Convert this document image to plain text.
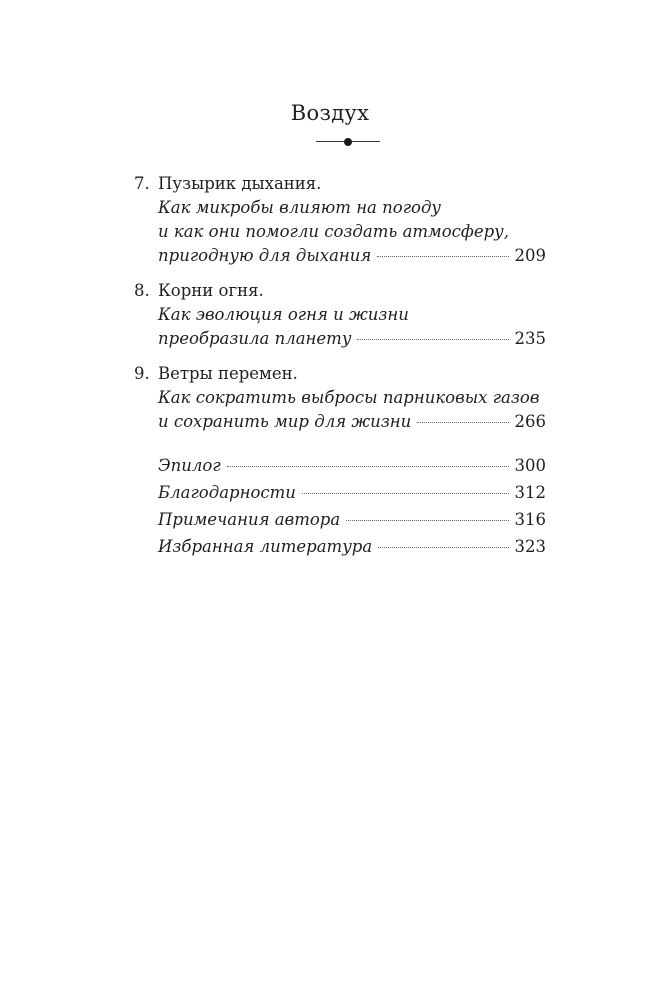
Воздух
7. Пузырик дыхания.
Как микробы влияют на погоду
и как они помогли создать атмосферу,
пригодную для дыхания	209
8. Корни огня.
Как эволюция огня и жизни
преобразила планету	235
9. Ветры перемен.
Как сократить выбросы парниковых газов
и сохранить мир для жизни	266
Эпилог	300
Благодарности	312
Примечания автора	316
Избранная литература	323
